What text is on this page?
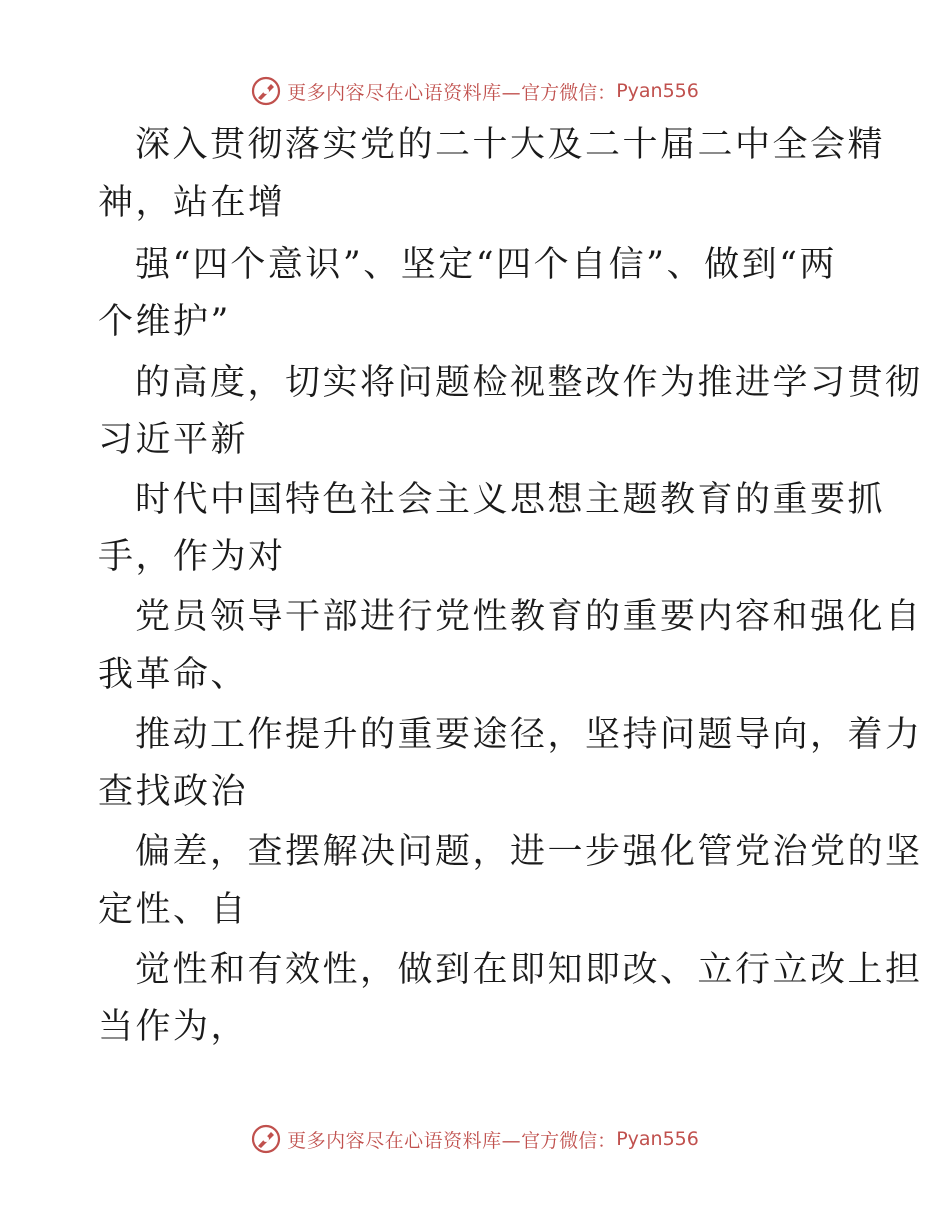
更多内容尽在心语资料库— 官方微信： Pyan556
深入贯彻落实党的二十大及二十届二中全会精
神，站在增
强“四个意识”、坚定“四个自信”、做到“两
个维护”
的高度，切实将问题检视整改作为推进学习贯彻
习近平新
时代中国特色社会主义思想主题教育的重要抓
手，作为对
党员领导干部进行党性教育的重要内容和强化自
我革命、
推动工作提升的重要途径，坚持问题导向，着力
查找政治
偏差，查摆解决问题，进一步强化管党治党的坚
定性、自
觉性和有效性，做到在即知即改、立行立改上担
当作为，
更多内容尽在心语资料库— 官方微信： Pyan556
